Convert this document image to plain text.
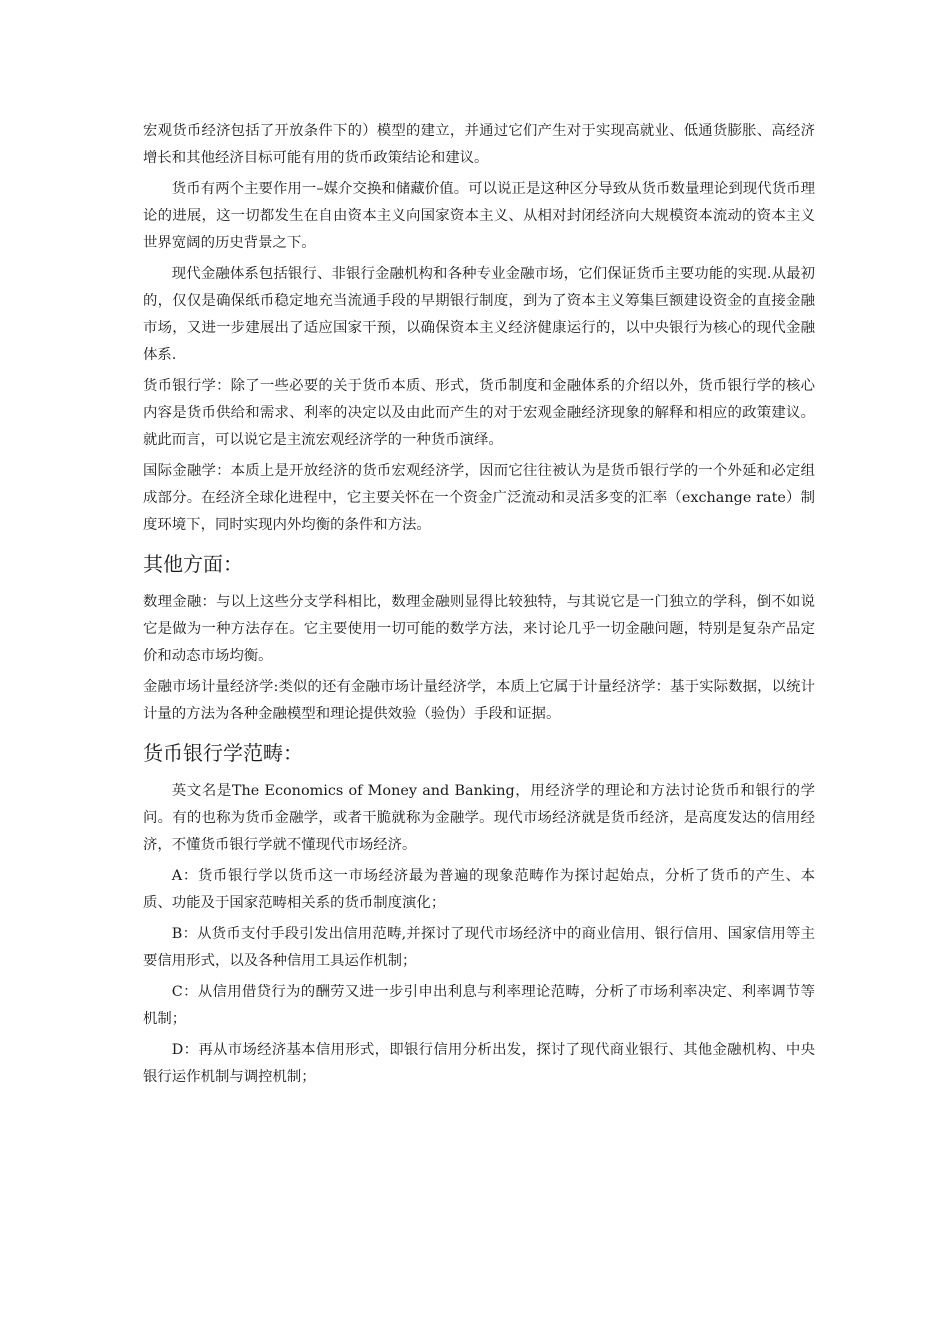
宏观货币经济包括了开放条件下的）模型的建立，并通过它们产生对于实现高就业、低通货膨胀、高经济增长和其他经济目标可能有用的货币政策结论和建议。

货币有两个主要作用一–媒介交换和储藏价值。可以说正是这种区分导致从货币数量理论到现代货币理论的进展，这一切都发生在自由资本主义向国家资本主义、从相对封闭经济向大规模资本流动的资本主义世界宽阔的历史背景之下。

现代金融体系包括银行、非银行金融机构和各种专业金融市场，它们保证货币主要功能的实现.从最初的，仅仅是确保纸币稳定地充当流通手段的早期银行制度，到为了资本主义筹集巨额建设资金的直接金融市场，又进一步建展出了适应国家干预，以确保资本主义经济健康运行的，以中央银行为核心的现代金融体系.

货币银行学：除了一些必要的关于货币本质、形式，货币制度和金融体系的介绍以外，货币银行学的核心内容是货币供给和需求、利率的决定以及由此而产生的对于宏观金融经济现象的解释和相应的政策建议。就此而言，可以说它是主流宏观经济学的一种货币演绎。

国际金融学：本质上是开放经济的货币宏观经济学，因而它往往被认为是货币银行学的一个外延和必定组成部分。在经济全球化进程中，它主要关怀在一个资金广泛流动和灵活多变的汇率（exchange rate）制度环境下，同时实现内外均衡的条件和方法。

其他方面：

数理金融：与以上这些分支学科相比，数理金融则显得比较独特，与其说它是一门独立的学科，倒不如说它是做为一种方法存在。它主要使用一切可能的数学方法，来讨论几乎一切金融问题，特别是复杂产品定价和动态市场均衡。

金融市场计量经济学:类似的还有金融市场计量经济学，本质上它属于计量经济学：基于实际数据，以统计计量的方法为各种金融模型和理论提供效验（验伪）手段和证据。

货币银行学范畴：

英文名是The Economics of Money and Banking，用经济学的理论和方法讨论货币和银行的学问。有的也称为货币金融学，或者干脆就称为金融学。现代市场经济就是货币经济，是高度发达的信用经济，不懂货币银行学就不懂现代市场经济。

A：货币银行学以货币这一市场经济最为普遍的现象范畴作为探讨起始点，分析了货币的产生、本质、功能及于国家范畴相关系的货币制度演化；

B：从货币支付手段引发出信用范畴,并探讨了现代市场经济中的商业信用、银行信用、国家信用等主要信用形式，以及各种信用工具运作机制；

C：从信用借贷行为的酬劳又进一步引申出利息与利率理论范畴，分析了市场利率决定、利率调节等机制；

D：再从市场经济基本信用形式，即银行信用分析出发，探讨了现代商业银行、其他金融机构、中央银行运作机制与调控机制；
